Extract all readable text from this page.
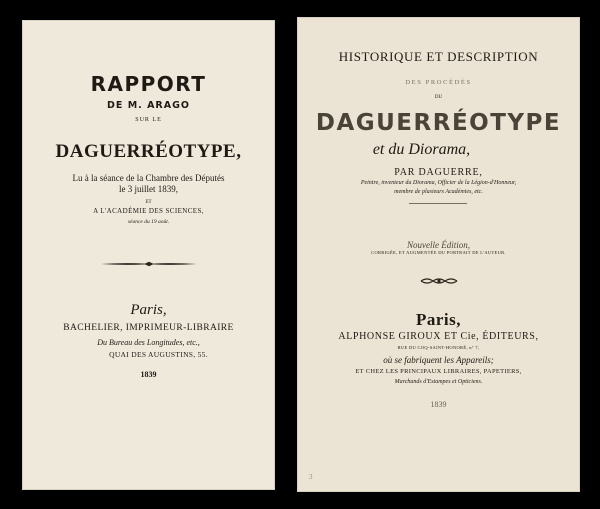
RAPPORT
DE M. ARAGO
SUR LE
DAGUERRÉOTYPE,
Lu à la séance de la Chambre des Députés
le 3 juillet 1839,
ET
A L'ACADÉMIE DES SCIENCES,
séance du 19 août.
Paris,
BACHELIER, IMPRIMEUR-LIBRAIRE
Du Bureau des Longitudes, etc.,
QUAI DES AUGUSTINS, 55.
1839
HISTORIQUE ET DESCRIPTION
DES PROCÉDÉS
DU
DAGUERRÉOTYPE
et du Diorama,
PAR DAGUERRE,
Peintre, inventeur du Diorama, Officier de la Légion-d'Honneur,
membre de plusieurs Académies, etc.
Nouvelle Édition,
CORRIGÉE, ET AUGMENTÉE DU PORTRAIT DE L'AUTEUR.
Paris,
ALPHONSE GIROUX ET Cie, ÉDITEURS,
RUE DU COQ-SAINT-HONORÉ, n° 7,
où se fabriquent les Appareils;
ET CHEZ LES PRINCIPAUX LIBRAIRES, PAPETIERS,
Marchands d'Estampes et Opticiens.
1839
3
